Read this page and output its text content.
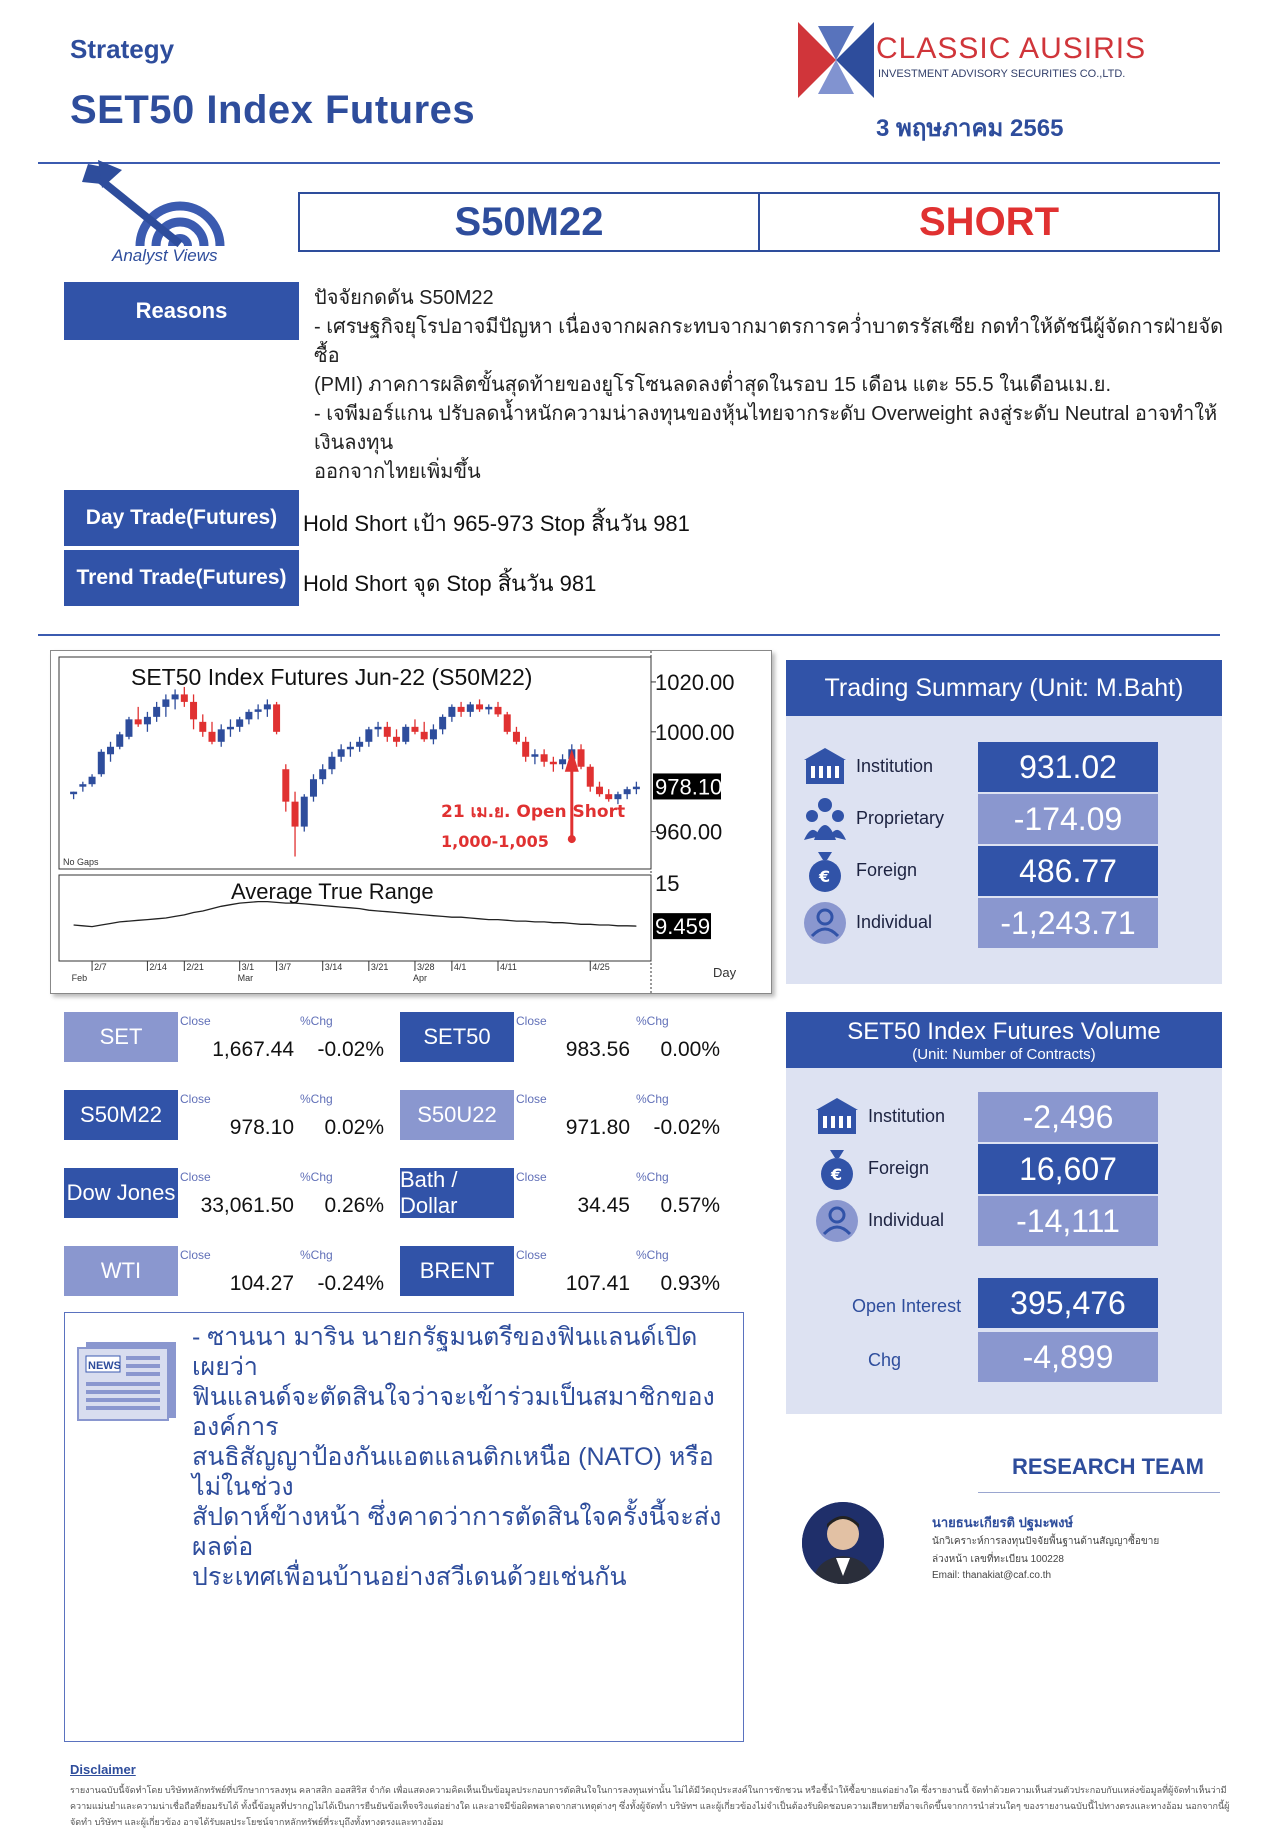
Strategy
SET50 Index Futures
CLASSIC AUSIRIS
INVESTMENT ADVISORY SECURITIES CO.,LTD.
3 พฤษภาคม 2565
Analyst Views
S50M22	SHORT
Reasons	ปัจจัยกดดัน S50M22
- เศรษฐกิจยุโรปอาจมีปัญหา เนื่องจากผลกระทบจากมาตรการคว่ำบาตรรัสเซีย กดทำให้ดัชนีผู้จัดการฝ่ายจัดซื้อ
(PMI) ภาคการผลิตขั้นสุดท้ายของยูโรโซนลดลงต่ำสุดในรอบ 15 เดือน แตะ 55.5 ในเดือนเม.ย.
- เจพีมอร์แกน ปรับลดน้ำหนักความน่าลงทุนของหุ้นไทยจากระดับ Overweight ลงสู่ระดับ Neutral อาจทำให้เงินลงทุน
ออกจากไทยเพิ่มขึ้น
Day Trade(Futures)	Hold Short เป้า 965-973 Stop สิ้นวัน 981
Trend Trade(Futures) Hold Short จุด Stop สิ้นวัน 981
SET50 Index Futures Jun-22 (S50M22)	1020.00
1000.00
960.00
978.10
21 เม.ย. Open Short
1,000-1,005
No Gaps
Average True Range	15
9.459
2/7	2/14 2/21	3/1	3/7	3/14	3/21	3/28 4/1	4/11	4/25
Feb	Mar	Apr	Day
Trading Summary (Unit: M.Baht)
Institution	931.02
Proprietary	-174.09
€ Foreign	486.77
Individual	-1,243.71
SET50 Index Futures Volume
(Unit: Number of Contracts)
Institution	-2,496
€ Foreign	16,607
Individual	-14,111
Open Interest	395,476
Chg	-4,899
SET
Close	%Chg
1,667.44	-0.02%
SET50
Close	%Chg
983.56	0.00%
S50M22
Close	%Chg
978.10	0.02%
S50U22
Close	%Chg
971.80	-0.02%
Dow Jones
Close	%Chg
33,061.50	0.26%
Bath / Dollar
Close	%Chg
34.45	0.57%
WTI
Close	%Chg
104.27	-0.24%
BRENT
Close	%Chg
107.41	0.93%
NEWS
- ซานนา มาริน นายกรัฐมนตรีของฟินแลนด์เปิดเผยว่า
ฟินแลนด์จะตัดสินใจว่าจะเข้าร่วมเป็นสมาชิกขององค์การ
สนธิสัญญาป้องกันแอตแลนติกเหนือ (NATO) หรือไม่ในช่วง
สัปดาห์ข้างหน้า ซึ่งคาดว่าการตัดสินใจครั้งนี้จะส่งผลต่อ
ประเทศเพื่อนบ้านอย่างสวีเดนด้วยเช่นกัน
RESEARCH TEAM
นายธนะเกียรติ ปฐมะพงษ์
นักวิเคราะห์การลงทุนปัจจัยพื้นฐานด้านสัญญาซื้อขาย
ล่วงหน้า เลขที่ทะเบียน 100228
Email: thanakiat@caf.co.th
Disclaimer
รายงานฉบับนี้จัดทำโดย บริษัทหลักทรัพย์ที่ปรึกษาการลงทุน คลาสสิก ออสสิริส จำกัด เพื่อแสดงความคิดเห็นเป็นข้อมูลประกอบการตัดสินใจในการลงทุนเท่านั้น ไม่ได้มีวัตถุประสงค์ในการชักชวน หรือชี้นำให้ซื้อขายแต่อย่างใด ซึ่งรายงานนี้ จัดทำด้วยความเห็นส่วนตัวประกอบกับแหล่งข้อมูลที่ผู้จัดทำเห็นว่ามีความแม่นยำและความน่าเชื่อถือที่ยอมรับได้ ทั้งนี้ข้อมูลที่ปรากฏไม่ได้เป็นการยืนยันข้อเท็จจริงแต่อย่างใด และอาจมีข้อผิดพลาดจากสาเหตุต่างๆ ซึ่งทั้งผู้จัดทำ บริษัทฯ และผู้เกี่ยวข้องไม่จำเป็นต้องรับผิดชอบความเสียหายที่อาจเกิดขึ้นจากการนำส่วนใดๆ ของรายงานฉบับนี้ไปทางตรงและทางอ้อม นอกจากนี้ผู้จัดทำ บริษัทฯ และผู้เกี่ยวข้อง อาจได้รับผลประโยชน์จากหลักทรัพย์ที่ระบุถึงทั้งทางตรงและทางอ้อม
